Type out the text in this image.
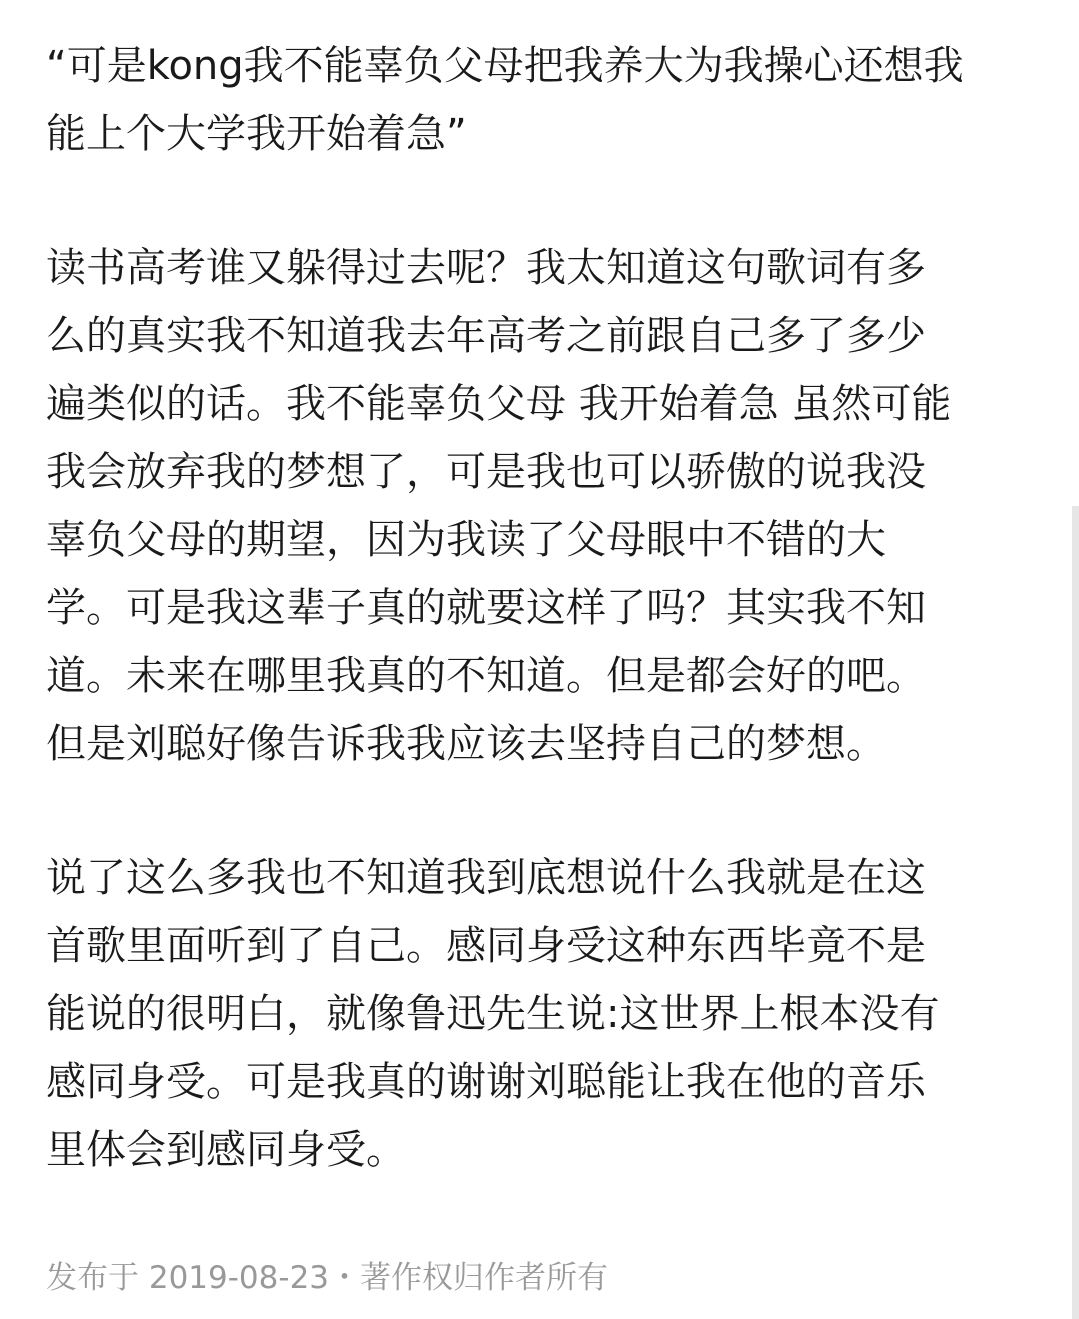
“可是kong我不能辜负父母把我养大为我操心还想我
能上个大学我开始着急”

读书高考谁又躲得过去呢？我太知道这句歌词有多
么的真实我不知道我去年高考之前跟自己多了多少
遍类似的话。我不能辜负父母 我开始着急 虽然可能
我会放弃我的梦想了，可是我也可以骄傲的说我没
辜负父母的期望，因为我读了父母眼中不错的大
学。可是我这辈子真的就要这样了吗？其实我不知
道。未来在哪里我真的不知道。但是都会好的吧。
但是刘聪好像告诉我我应该去坚持自己的梦想。

说了这么多我也不知道我到底想说什么我就是在这
首歌里面听到了自己。感同身受这种东西毕竟不是
能说的很明白，就像鲁迅先生说:这世界上根本没有
感同身受。可是我真的谢谢刘聪能让我在他的音乐
里体会到感同身受。

发布于 2019-08-23・著作权归作者所有
